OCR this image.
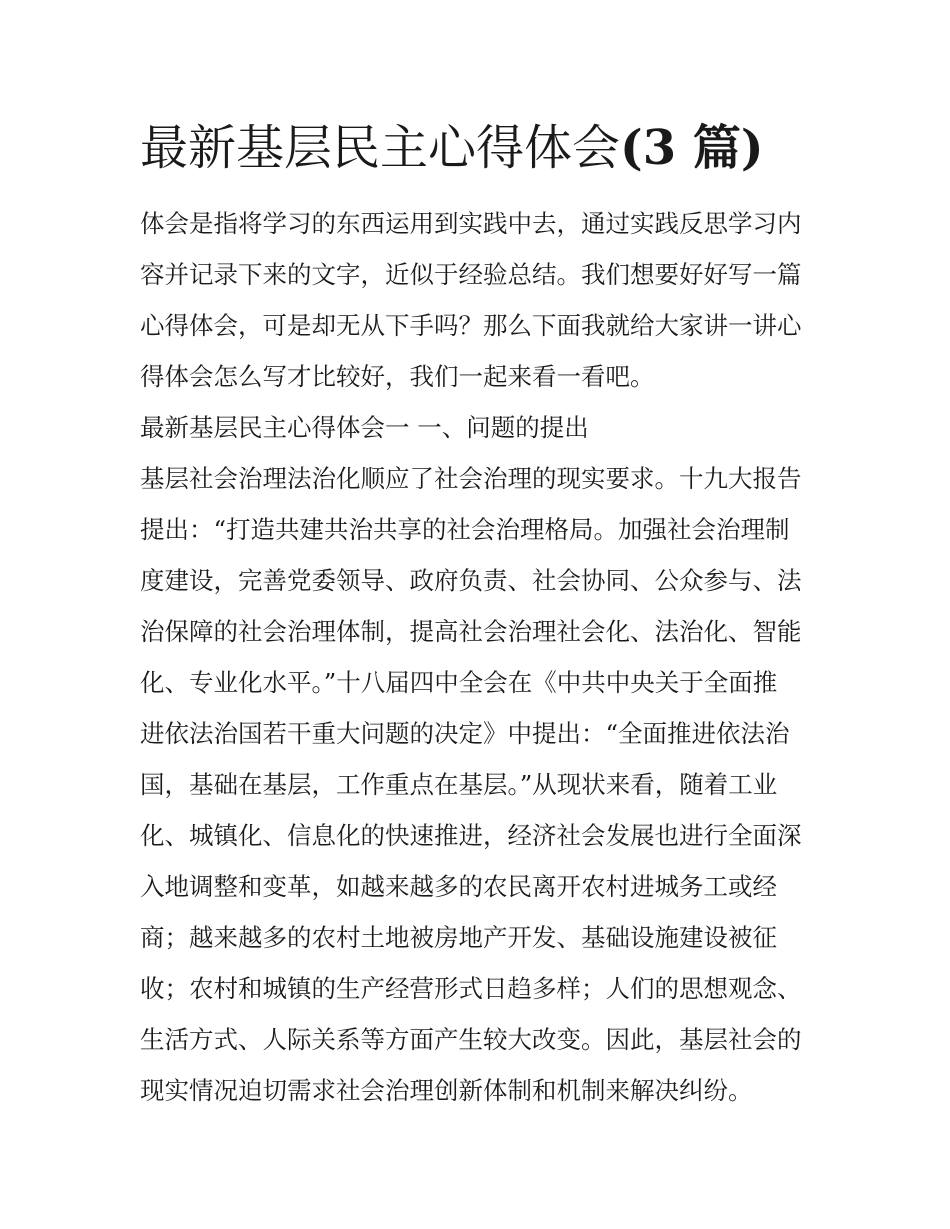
最新基层民主心得体会(3 篇)
体会是指将学习的东西运用到实践中去，通过实践反思学习内
容并记录下来的文字，近似于经验总结。我们想要好好写一篇
心得体会，可是却无从下手吗？那么下面我就给大家讲一讲心
得体会怎么写才比较好，我们一起来看一看吧。
最新基层民主心得体会一 一、问题的提出
基层社会治理法治化顺应了社会治理的现实要求。十九大报告
提出：“打造共建共治共享的社会治理格局。加强社会治理制
度建设，完善党委领导、政府负责、社会协同、公众参与、法
治保障的社会治理体制，提高社会治理社会化、法治化、智能
化、专业化水平。”十八届四中全会在《中共中央关于全面推
进依法治国若干重大问题的决定》中提出：“全面推进依法治
国，基础在基层，工作重点在基层。”从现状来看，随着工业
化、城镇化、信息化的快速推进，经济社会发展也进行全面深
入地调整和变革，如越来越多的农民离开农村进城务工或经
商；越来越多的农村土地被房地产开发、基础设施建设被征
收；农村和城镇的生产经营形式日趋多样；人们的思想观念、
生活方式、人际关系等方面产生较大改变。因此，基层社会的
现实情况迫切需求社会治理创新体制和机制来解决纠纷。
